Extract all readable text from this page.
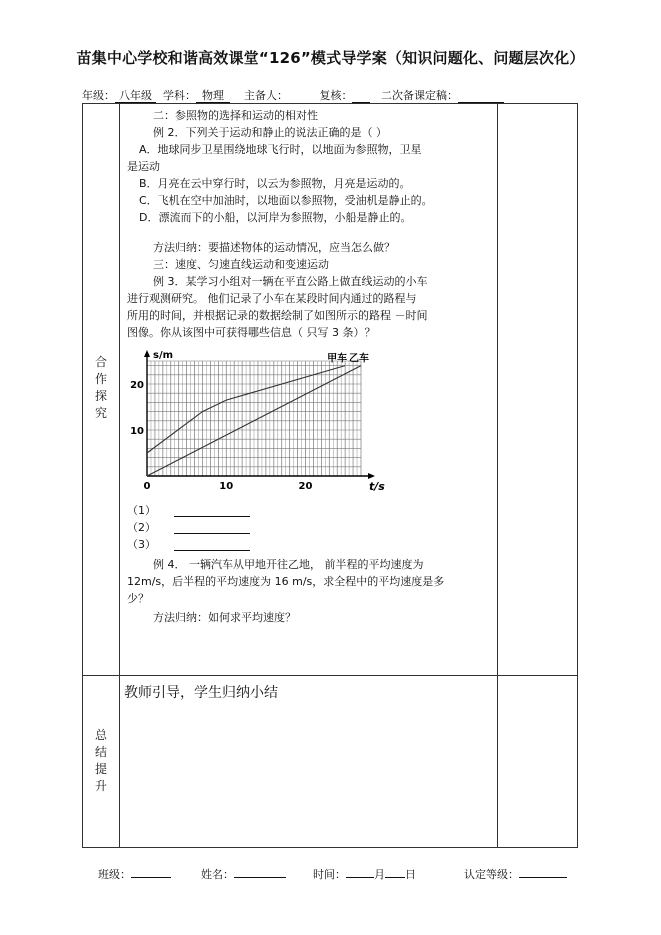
苗集中心学校和谐高效课堂“126”模式导学案（知识问题化、问题层次化）
年级： 八年级 学科： 物理 主备人：	复核：	二次备课定稿：
合
作
探
究
总
结
提
升

二：参照物的选择和运动的相对性

例 2．下列关于运动和静止的说法正确的是（ ）

A．地球同步卫星围绕地球飞行时，以地面为参照物，卫星

是运动

B．月亮在云中穿行时，以云为参照物，月亮是运动的。

C．飞机在空中加油时，以地面以参照物，受油机是静止的。

D．漂流而下的小船，以河岸为参照物，小船是静止的。

方法归纳：要描述物体的运动情况，应当怎么做？

三：速度、匀速直线运动和变速运动

例 3．某学习小组对一辆在平直公路上做直线运动的小车

进行观测研究。 他们记录了小车在某段时间内通过的路程与

所用的时间，并根据记录的数据绘制了如图所示的路程 －时间

图像。你从该图中可获得哪些信息（ 只写 3 条）？

0	10	20
10
20
s/m
t/s
甲车 乙车

（1）

（2）

（3）

例 4． 一辆汽车从甲地开往乙地， 前半程的平均速度为

12m/s，后半程的平均速度为 16 m/s，求全程中的平均速度是多

少？

方法归纳：如何求平均速度？

教师引导，学生归纳小结
班级：	姓名：	时间：	月 日	认定等级：
